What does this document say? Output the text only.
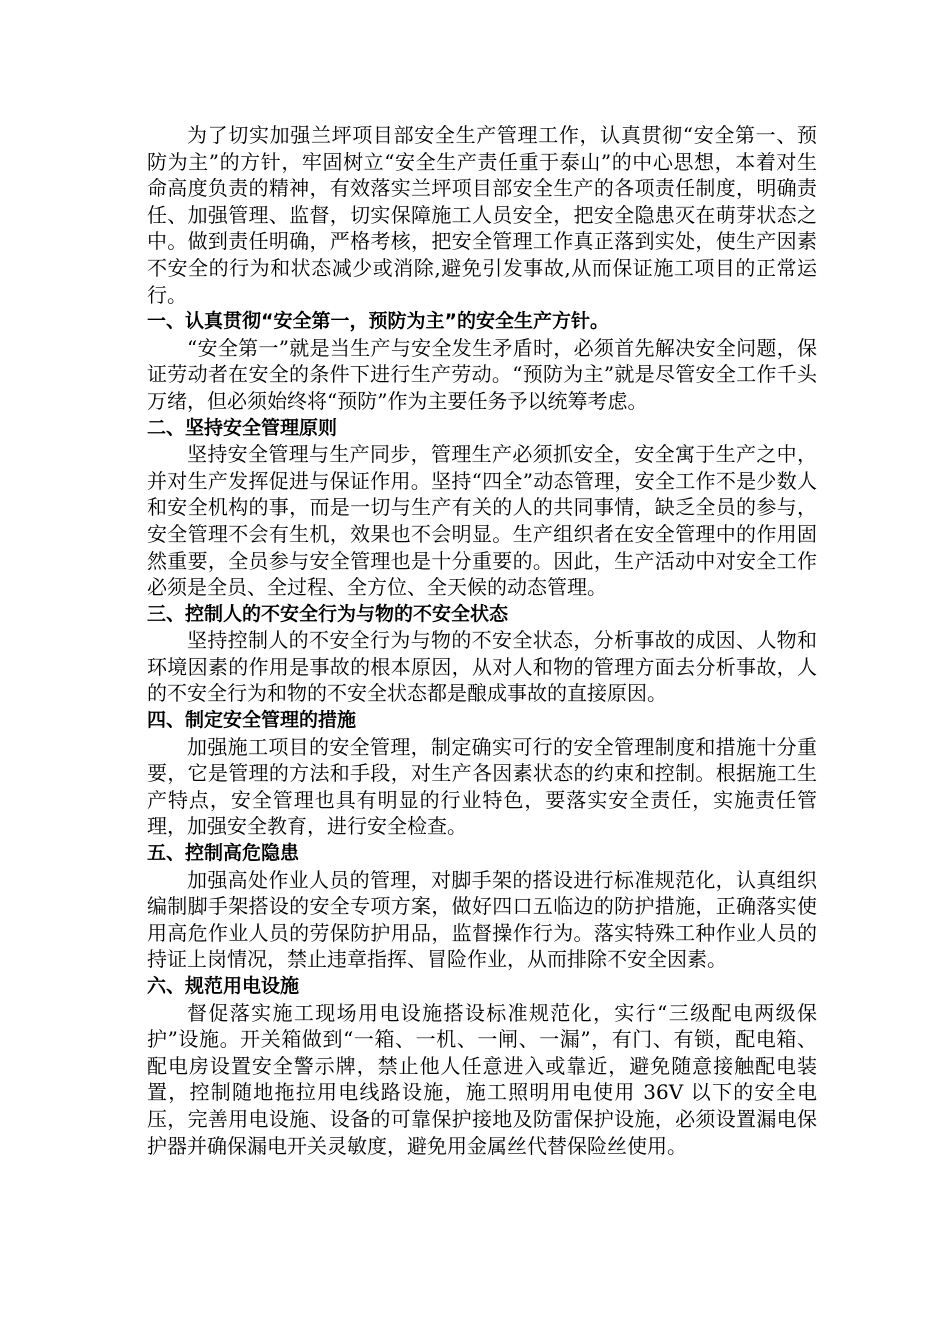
为了切实加强兰坪项目部安全生产管理工作，认真贯彻“安全第一、预防为主”的方针，牢固树立“安全生产责任重于泰山”的中心思想，本着对生命高度负责的精神，有效落实兰坪项目部安全生产的各项责任制度，明确责任、加强管理、监督，切实保障施工人员安全，把安全隐患灭在萌芽状态之中。做到责任明确，严格考核，把安全管理工作真正落到实处，使生产因素不安全的行为和状态减少或消除,避免引发事故,从而保证施工项目的正常运行。

一、认真贯彻“安全第一，预防为主”的安全生产方针。

“安全第一”就是当生产与安全发生矛盾时，必须首先解决安全问题，保证劳动者在安全的条件下进行生产劳动。“预防为主”就是尽管安全工作千头万绪，但必须始终将“预防”作为主要任务予以统筹考虑。

二、坚持安全管理原则

坚持安全管理与生产同步，管理生产必须抓安全，安全寓于生产之中，并对生产发挥促进与保证作用。坚持“四全”动态管理，安全工作不是少数人和安全机构的事，而是一切与生产有关的人的共同事情，缺乏全员的参与，安全管理不会有生机，效果也不会明显。生产组织者在安全管理中的作用固然重要，全员参与安全管理也是十分重要的。因此，生产活动中对安全工作必须是全员、全过程、全方位、全天候的动态管理。

三、控制人的不安全行为与物的不安全状态

坚持控制人的不安全行为与物的不安全状态，分析事故的成因、人物和环境因素的作用是事故的根本原因，从对人和物的管理方面去分析事故，人的不安全行为和物的不安全状态都是酿成事故的直接原因。

四、制定安全管理的措施

加强施工项目的安全管理，制定确实可行的安全管理制度和措施十分重要，它是管理的方法和手段，对生产各因素状态的约束和控制。根据施工生产特点，安全管理也具有明显的行业特色，要落实安全责任，实施责任管理，加强安全教育，进行安全检查。

五、控制高危隐患

加强高处作业人员的管理，对脚手架的搭设进行标准规范化，认真组织编制脚手架搭设的安全专项方案，做好四口五临边的防护措施，正确落实使用高危作业人员的劳保防护用品，监督操作行为。落实特殊工种作业人员的持证上岗情况，禁止违章指挥、冒险作业，从而排除不安全因素。

六、规范用电设施

督促落实施工现场用电设施搭设标准规范化，实行“三级配电两级保护”设施。开关箱做到“一箱、一机、一闸、一漏”，有门、有锁，配电箱、配电房设置安全警示牌，禁止他人任意进入或靠近，避免随意接触配电装置，控制随地拖拉用电线路设施，施工照明用电使用 36V 以下的安全电压，完善用电设施、设备的可靠保护接地及防雷保护设施，必须设置漏电保护器并确保漏电开关灵敏度，避免用金属丝代替保险丝使用。
